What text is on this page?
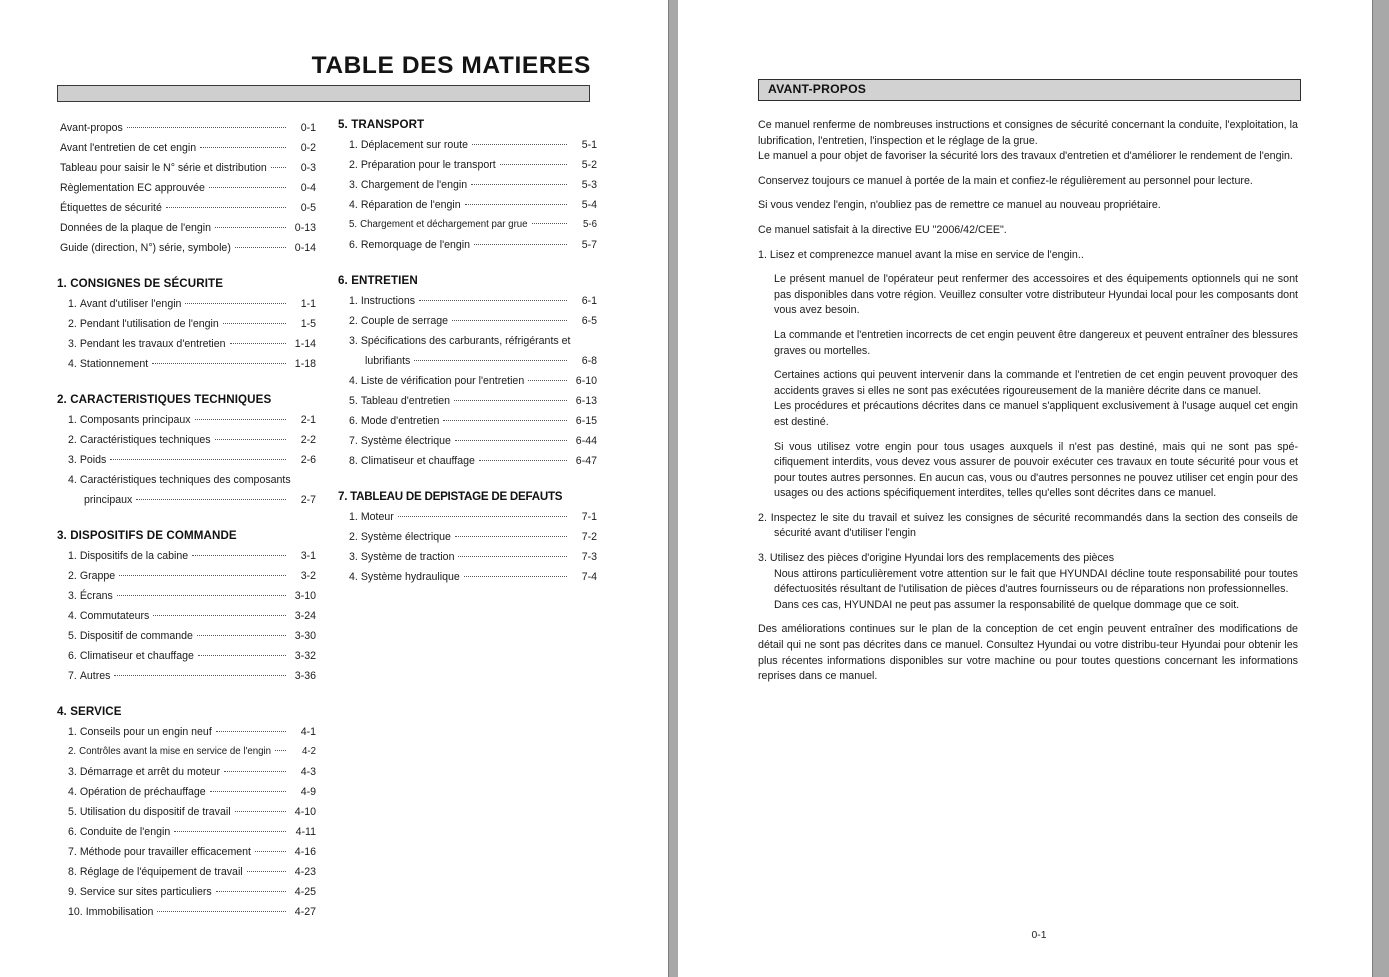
TABLE DES MATIERES
Avant-propos	0-1
Avant l'entretien de cet engin	0-2
Tableau pour saisir le N° série et distribution	0-3
Règlementation EC approuvée	0-4
Étiquettes de sécurité	0-5
Données de la plaque de l'engin	0-13
Guide (direction, N°) série, symbole)	0-14
1. CONSIGNES DE SÉCURITE
1. Avant d'utiliser l'engin	1-1
2. Pendant l'utilisation de l'engin	1-5
3. Pendant les travaux d'entretien	1-14
4. Stationnement	1-18
2. CARACTERISTIQUES TECHNIQUES
1. Composants principaux	2-1
2. Caractéristiques techniques	2-2
3. Poids	2-6
4. Caractéristiques techniques des composants
principaux	2-7
3. DISPOSITIFS DE COMMANDE
1. Dispositifs de la cabine	3-1
2. Grappe	3-2
3. Écrans	3-10
4. Commutateurs	3-24
5. Dispositif de commande	3-30
6. Climatiseur et chauffage	3-32
7. Autres	3-36
4. SERVICE
1. Conseils pour un engin neuf	4-1
2. Contrôles avant la mise en service de l'engin	4-2
3. Démarrage et arrêt du moteur	4-3
4. Opération de préchauffage	4-9
5. Utilisation du dispositif de travail	4-10
6. Conduite de l'engin	4-11
7. Méthode pour travailler efficacement	4-16
8. Réglage de l'équipement de travail	4-23
9. Service sur sites particuliers	4-25
10. Immobilisation	4-27
5. TRANSPORT
1. Déplacement sur route	5-1
2. Préparation pour le transport	5-2
3. Chargement de l'engin	5-3
4. Réparation de l'engin	5-4
5. Chargement et déchargement par grue	5-6
6. Remorquage de l'engin	5-7
6. ENTRETIEN
1. Instructions	6-1
2. Couple de serrage	6-5
3. Spécifications des carburants, réfrigérants et
lubrifiants	6-8
4. Liste de vérification pour l'entretien	6-10
5. Tableau d'entretien	6-13
6. Mode d'entretien	6-15
7. Système électrique	6-44
8. Climatiseur et chauffage	6-47
7. TABLEAU DE DEPISTAGE DE DEFAUTS
1. Moteur	7-1
2. Système électrique	7-2
3. Système de traction	7-3
4. Système hydraulique	7-4
AVANT-PROPOS

Ce manuel renferme de nombreuses instructions et consignes de sécurité concernant la conduite, l'exploitation, la lubrification, l'entretien, l'inspection et le réglage de la grue.

Le manuel a pour objet de favoriser la sécurité lors des travaux d'entretien et d'améliorer le rendement de l'engin.

Conservez toujours ce manuel à portée de la main et confiez-le régulièrement au personnel pour lecture.

Si vous vendez l'engin, n'oubliez pas de remettre ce manuel au nouveau propriétaire.

Ce manuel satisfait à la directive EU "2006/42/CEE".

1. Lisez et comprenezce manuel avant la mise en service de l'engin..

Le présent manuel de l'opérateur peut renfermer des accessoires et des équipements optionnels qui ne sont pas disponibles dans votre région. Veuillez consulter votre distributeur Hyundai local pour les composants dont vous avez besoin.

La commande et l'entretien incorrects de cet engin peuvent être dangereux et peuvent entraîner des blessures graves ou mortelles.

Certaines actions qui peuvent intervenir dans la commande et l'entretien de cet engin peuvent provoquer des accidents graves si elles ne sont pas exécutées rigoureusement de la manière décrite dans ce manuel.

Les procédures et précautions décrites dans ce manuel s'appliquent exclusivement à l'usage auquel cet engin est destiné.

Si vous utilisez votre engin pour tous usages auxquels il n'est pas destiné, mais qui ne sont pas spé-cifiquement interdits, vous devez vous assurer de pouvoir exécuter ces travaux en toute sécurité pour vous et pour toutes autres personnes. En aucun cas, vous ou d'autres personnes ne pouvez utiliser cet engin pour des usages ou des actions spécifiquement interdites, telles qu'elles sont décrites dans ce manuel.

2. Inspectez le site du travail et suivez les consignes de sécurité recommandés dans la section des conseils de sécurité avant d'utiliser l'engin

3. Utilisez des pièces d'origine Hyundai lors des remplacements des pièces

Nous attirons particulièrement votre attention sur le fait que HYUNDAI décline toute responsabilité pour toutes défectuosités résultant de l'utilisation de pièces d'autres fournisseurs ou de réparations non professionnelles.

Dans ces cas, HYUNDAI ne peut pas assumer la responsabilité de quelque dommage que ce soit.

Des améliorations continues sur le plan de la conception de cet engin peuvent entraîner des modifications de détail qui ne sont pas décrites dans ce manuel. Consultez Hyundai ou votre distribu-teur Hyundai pour obtenir les plus récentes informations disponibles sur votre machine ou pour toutes questions concernant les informations reprises dans ce manuel.

0-1
